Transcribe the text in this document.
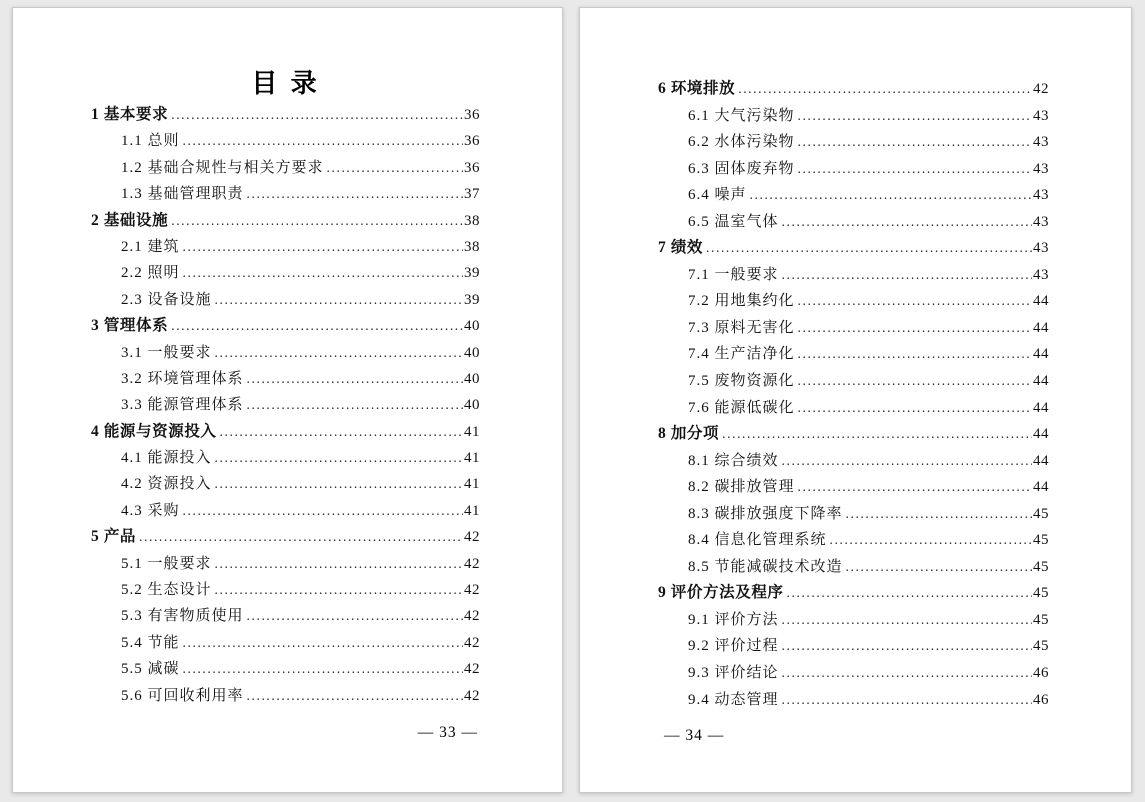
目 录
1 基本要求 .....	36
1.1 总则 .....	36
1.2 基础合规性与相关方要求 .....	36
1.3 基础管理职责 .....	37
2 基础设施 .....	38
2.1 建筑 .....	38
2.2 照明 .....	39
2.3 设备设施 .....	39
3 管理体系 .....	40
3.1 一般要求 .....	40
3.2 环境管理体系 .....	40
3.3 能源管理体系 .....	40
4 能源与资源投入 .....	41
4.1 能源投入 .....	41
4.2 资源投入 .....	41
4.3 采购 .....	41
5 产品 .....	42
5.1 一般要求 .....	42
5.2 生态设计 .....	42
5.3 有害物质使用 .....	42
5.4 节能 .....	42
5.5 减碳 .....	42
5.6 可回收利用率 .....	42
— 33 —
6 环境排放 .....	42
6.1 大气污染物 .....	43
6.2 水体污染物 .....	43
6.3 固体废弃物 .....	43
6.4 噪声 .....	43
6.5 温室气体 .....	43
7 绩效 .....	43
7.1 一般要求 .....	43
7.2 用地集约化 .....	44
7.3 原料无害化 .....	44
7.4 生产洁净化 .....	44
7.5 废物资源化 .....	44
7.6 能源低碳化 .....	44
8 加分项 .....	44
8.1 综合绩效 .....	44
8.2 碳排放管理 .....	44
8.3 碳排放强度下降率 .....	45
8.4 信息化管理系统 .....	45
8.5 节能减碳技术改造 .....	45
9 评价方法及程序 .....	45
9.1 评价方法 .....	45
9.2 评价过程 .....	45
9.3 评价结论 .....	46
9.4 动态管理 .....	46
— 34 —
